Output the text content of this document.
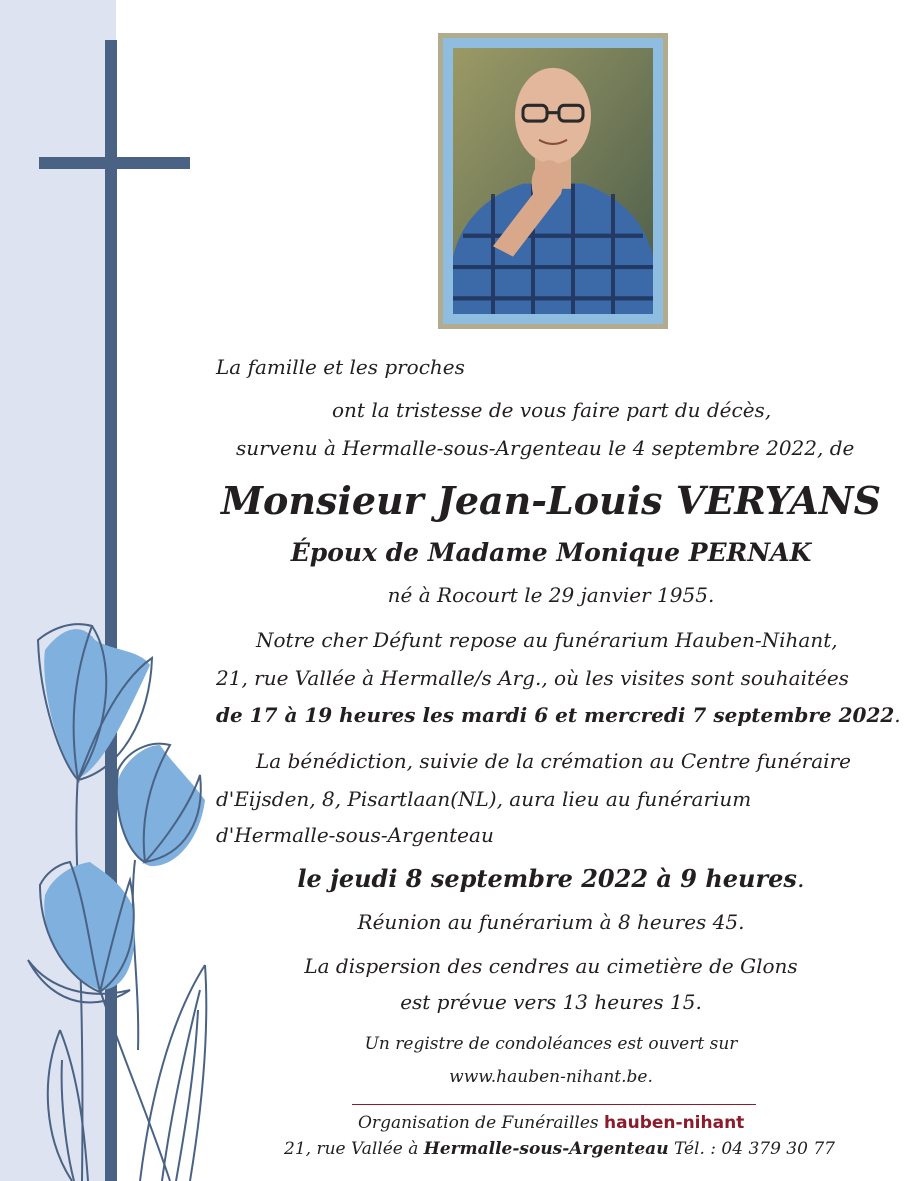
La famille et les proches

ont la tristesse de vous faire part du décès,

survenu à Hermalle-sous-Argenteau le 4 septembre 2022, de

Monsieur Jean-Louis VERYANS

Époux de Madame Monique PERNAK

né à Rocourt le 29 janvier 1955.

Notre cher Défunt repose au funérarium Hauben-Nihant,

21, rue Vallée à Hermalle/s Arg., où les visites sont souhaitées

de 17 à 19 heures les mardi 6 et mercredi 7 septembre 2022.

La bénédiction, suivie de la crémation au Centre funéraire

d'Eijsden, 8, Pisartlaan(NL), aura lieu au funérarium

d'Hermalle-sous-Argenteau

le jeudi 8 septembre 2022 à 9 heures.

Réunion au funérarium à 8 heures 45.

La dispersion des cendres au cimetière de Glons

est prévue vers 13 heures 15.

Un registre de condoléances est ouvert sur

www.hauben-nihant.be.

Organisation de Funérailles hauben-nihant

21, rue Vallée à Hermalle-sous-Argenteau Tél. : 04 379 30 77
